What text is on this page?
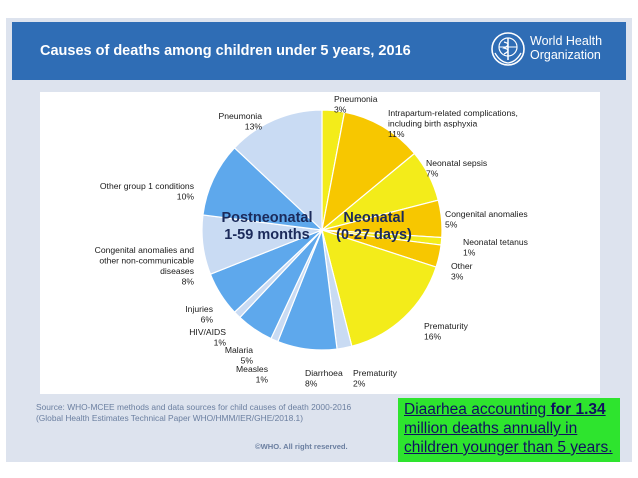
Causes of deaths among children under 5 years, 2016
World Health
Organization
Pneumonia 3%	Intrapartum-related complications, including birth asphyxia 11%
Neonatal sepsis 7%
Congenital anomalies 5%
Neonatal tetanus 1%
Other 3%
Prematurity 16%
Prematurity 2%
Diarrhoea 8%
Measles 1%
Malaria 5%
HIV/AIDS 1%
Injuries 6%
Congenital anomalies and other non-communicable diseases 8%
Other group 1 conditions 10%
Pneumonia 13%
Postneonatal 1-59 months
Neonatal (0-27 days)
Source: WHO-MCEE methods and data sources for child causes of death 2000-2016
(Global Health Estimates Technical Paper WHO/HMM/IER/GHE/2018.1)
©WHO. All right reserved.
Diaarhea accounting for 1.34 million deaths annually in children younger than 5 years.
